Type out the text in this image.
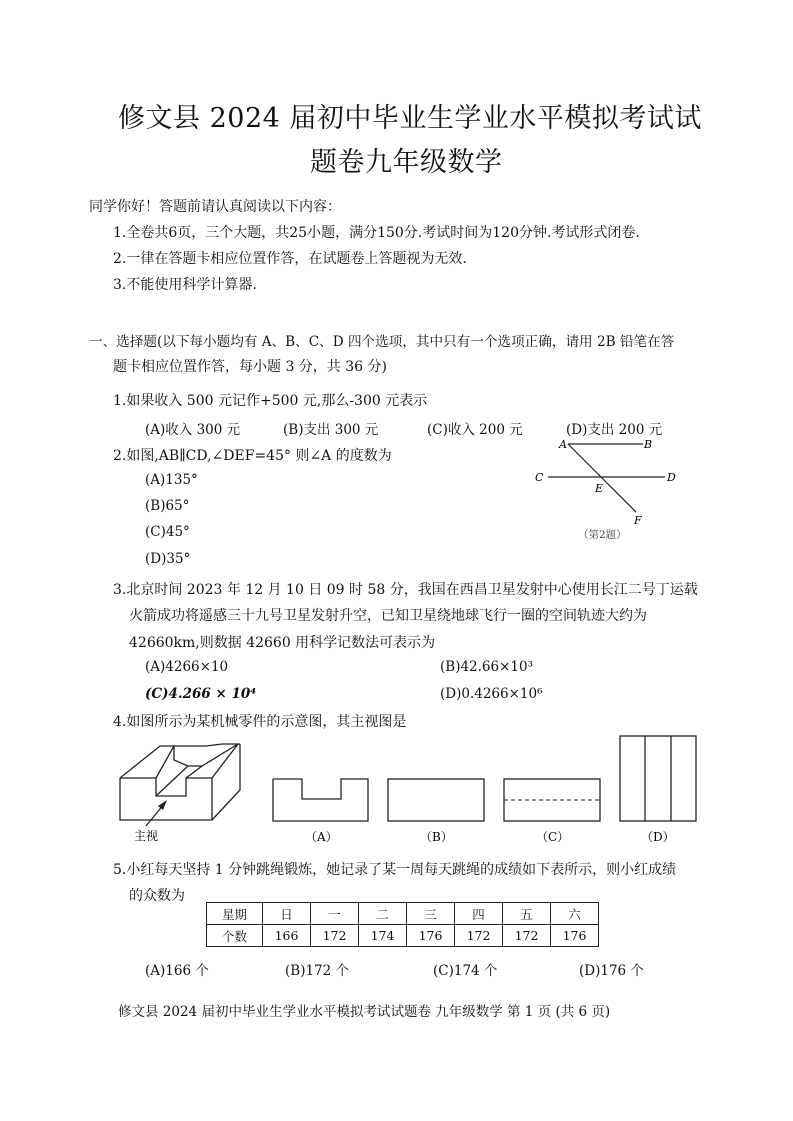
修文县 2024 届初中毕业生学业水平模拟考试试
题卷九年级数学
同学你好！答题前请认真阅读以下内容：
1.全卷共6页，三个大题，共25小题，满分150分.考试时间为120分钟.考试形式闭卷.
2.一律在答题卡相应位置作答，在试题卷上答题视为无效.
3.不能使用科学计算器.
一、选择题(以下每小题均有 A、B、C、D 四个选项，其中只有一个选项正确，请用 2B 铅笔在答
题卡相应位置作答，每小题 3 分，共 36 分)
1.如果收入 500 元记作+500 元,那么-300 元表示
(A)收入 300 元	(B)支出 300 元	(C)收入 200 元	(D)支出 200 元
2.如图,AB∥CD,∠DEF=45° 则∠A 的度数为
(A)135°
(B)65°
(C)45°
(D)35°
A	B
C	D
E
F
（第2题）
3.北京时间 2023 年 12 月 10 日 09 时 58 分，我国在西昌卫星发射中心使用长江二号丁运载
火箭成功将遥感三十九号卫星发射升空，已知卫星绕地球飞行一圈的空间轨迹大约为
42660km,则数据 42660 用科学记数法可表示为
(A)4266×10	(B)42.66×10³
(C)4.266 × 10⁴	(D)0.4266×10⁶
4.如图所示为某机械零件的示意图，其主视图是
主视	（A）	（B）	（C）	（D）
5.小红每天坚持 1 分钟跳绳锻炼，她记录了某一周每天跳绳的成绩如下表所示，则小红成绩
的众数为
星期	日	一	二	三	四	五	六
个数	166	172	174	176	172	172	176
(A)166 个	(B)172 个	(C)174 个	(D)176 个
修文县 2024 届初中毕业生学业水平模拟考试试题卷 九年级数学 第 1 页 (共 6 页)
